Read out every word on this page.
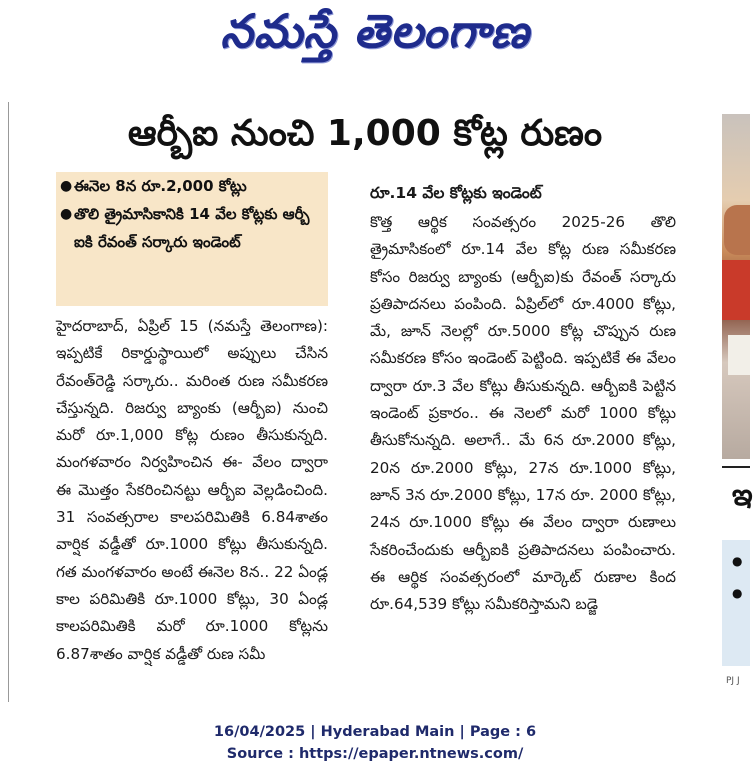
నమస్తే తెలంగాణ
ఆర్బీఐ నుంచి 1,000 కోట్ల రుణం
● ఈనెల 8న రూ.2,000 కోట్లు
● తొలి త్రైమాసికానికి 14 వేల కోట్లకు ఆర్బీ ఐకి రేవంత్ సర్కారు ఇండెంట్
హైదరాబాద్, ఏప్రిల్ 15 (నమస్తే తెలంగాణ): ఇప్పటికే రికార్డుస్థాయిలో అప్పులు చేసిన రేవంత్‌రెడ్డి సర్కారు.. మరింత రుణ సమీకరణ చేస్తున్నది. రిజర్వు బ్యాంకు (ఆర్బీఐ) నుంచి మరో రూ.1,000 కోట్ల రుణం తీసుకున్నది. మంగళవారం నిర్వహించిన ఈ- వేలం ద్వారా ఈ మొత్తం సేకరించినట్టు ఆర్బీఐ వెల్లడించింది. 31 సంవత్సరాల కాలపరిమితికి 6.84శాతం వార్షిక వడ్డీతో రూ.1000 కోట్లు తీసుకున్నది. గత మంగళవారం అంటే ఈనెల 8న.. 22 ఏండ్ల కాల పరిమితికి రూ.1000 కోట్లు, 30 ఏండ్ల కాలపరిమితికి మరో రూ.1000 కోట్లను 6.87శాతం వార్షిక వడ్డీతో రుణ సమీ
రూ.14 వేల కోట్లకు ఇండెంట్
కొత్త ఆర్థిక సంవత్సరం 2025-26 తొలి త్రైమాసికంలో రూ.14 వేల కోట్ల రుణ సమీకరణ కోసం రిజర్వు బ్యాంకు (ఆర్బీఐ)కు రేవంత్ సర్కారు ప్రతిపాదనలు పంపింది. ఏప్రిల్‌లో రూ.4000 కోట్లు, మే, జూన్ నెలల్లో రూ.5000 కోట్ల చొప్పున రుణ సమీకరణ కోసం ఇండెంట్ పెట్టింది. ఇప్పటికే ఈ వేలం ద్వారా రూ.3 వేల కోట్లు తీసుకున్నది. ఆర్బీఐకి పెట్టిన ఇండెంట్ ప్రకారం.. ఈ నెలలో మరో 1000 కోట్లు తీసుకోనున్నది. అలాగే.. మే 6న రూ.2000 కోట్లు, 20న రూ.2000 కోట్లు, 27న రూ.1000 కోట్లు, జూన్ 3న రూ.2000 కోట్లు, 17న రూ. 2000 కోట్లు, 24న రూ.1000 కోట్లు ఈ వేలం ద్వారా రుణాలు సేకరించేందుకు ఆర్బీఐకి ప్రతిపాదనలు పంపించారు. ఈ ఆర్థిక సంవత్సరంలో మార్కెట్ రుణాల కింద రూ.64,539 కోట్లు సమీకరిస్తామని బడ్జె
ఇ
●
●
PJ J
16/04/2025 | Hyderabad Main | Page : 6
Source : https://epaper.ntnews.com/
